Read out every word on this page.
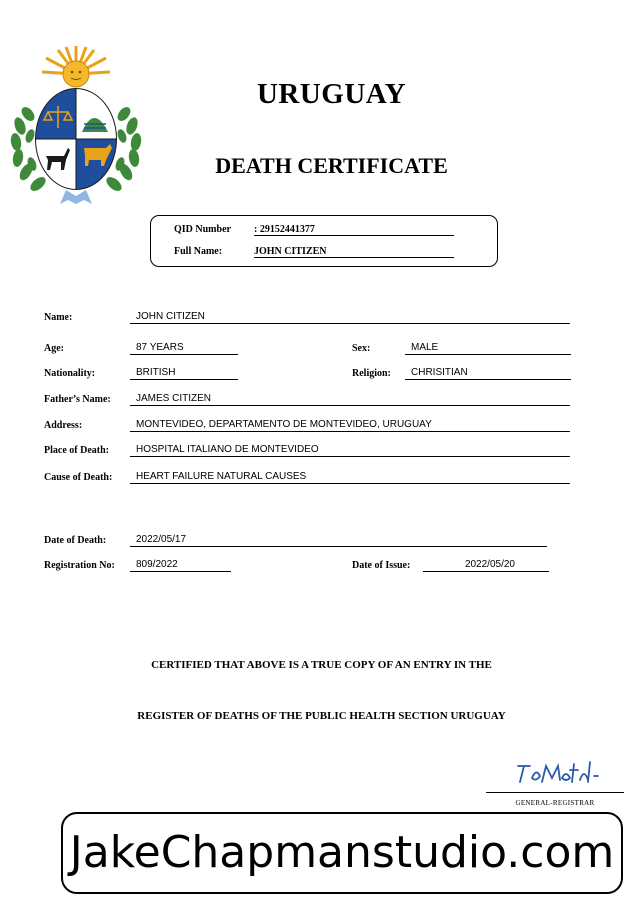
URUGUAY
DEATH CERTIFICATE
QID Number : 29152441377
Full Name:	JOHN CITIZEN
Name:	JOHN CITIZEN
Age:	87 YEARS	Sex:	MALE
Nationality:	BRITISH	Religion:	CHRISITIAN
Father’s Name:	JAMES CITIZEN
Address:	MONTEVIDEO, DEPARTAMENTO DE MONTEVIDEO, URUGUAY
Place of Death:	HOSPITAL ITALIANO DE MONTEVIDEO
Cause of Death:	HEART FAILURE NATURAL CAUSES
Date of Death:	2022/05/17
Registration No:	809/2022	Date of Issue:	2022/05/20
CERTIFIED THAT ABOVE IS A TRUE COPY OF AN ENTRY IN THE
REGISTER OF DEATHS OF THE PUBLIC HEALTH SECTION URUGUAY
GENERAL-REGISTRAR
JakeChapmanstudio.com
